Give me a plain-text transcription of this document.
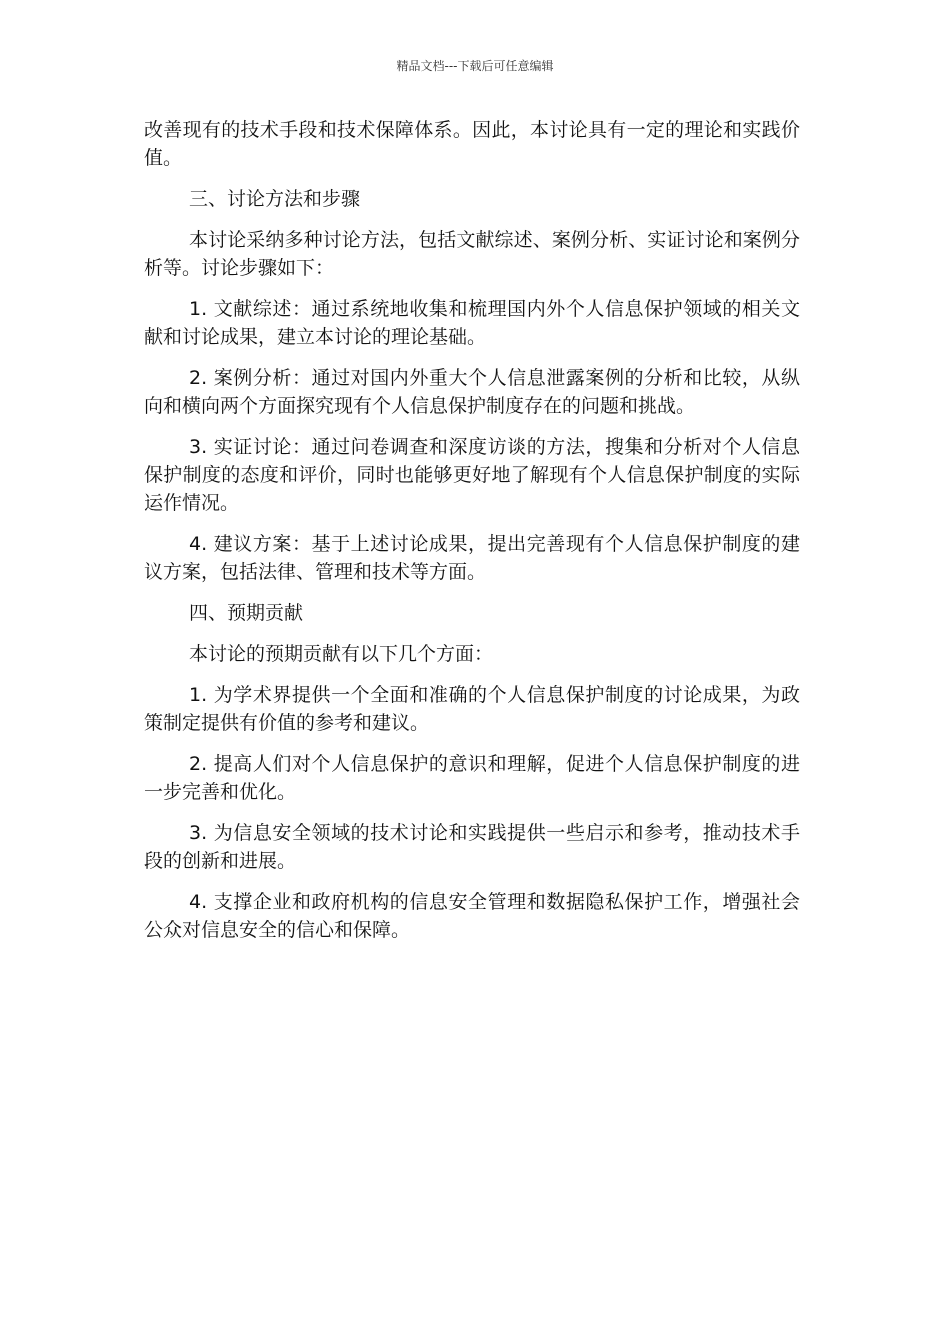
精品文档---下载后可任意编辑

改善现有的技术手段和技术保障体系。因此，本讨论具有一定的理论和实践价值。

三、讨论方法和步骤

本讨论采纳多种讨论方法，包括文献综述、案例分析、实证讨论和案例分析等。讨论步骤如下：

1. 文献综述：通过系统地收集和梳理国内外个人信息保护领域的相关文献和讨论成果，建立本讨论的理论基础。

2. 案例分析：通过对国内外重大个人信息泄露案例的分析和比较，从纵向和横向两个方面探究现有个人信息保护制度存在的问题和挑战。

3. 实证讨论：通过问卷调查和深度访谈的方法，搜集和分析对个人信息保护制度的态度和评价，同时也能够更好地了解现有个人信息保护制度的实际运作情况。

4. 建议方案：基于上述讨论成果，提出完善现有个人信息保护制度的建议方案，包括法律、管理和技术等方面。

四、预期贡献

本讨论的预期贡献有以下几个方面：

1. 为学术界提供一个全面和准确的个人信息保护制度的讨论成果，为政策制定提供有价值的参考和建议。

2. 提高人们对个人信息保护的意识和理解，促进个人信息保护制度的进一步完善和优化。

3. 为信息安全领域的技术讨论和实践提供一些启示和参考，推动技术手段的创新和进展。

4. 支撑企业和政府机构的信息安全管理和数据隐私保护工作，增强社会公众对信息安全的信心和保障。
